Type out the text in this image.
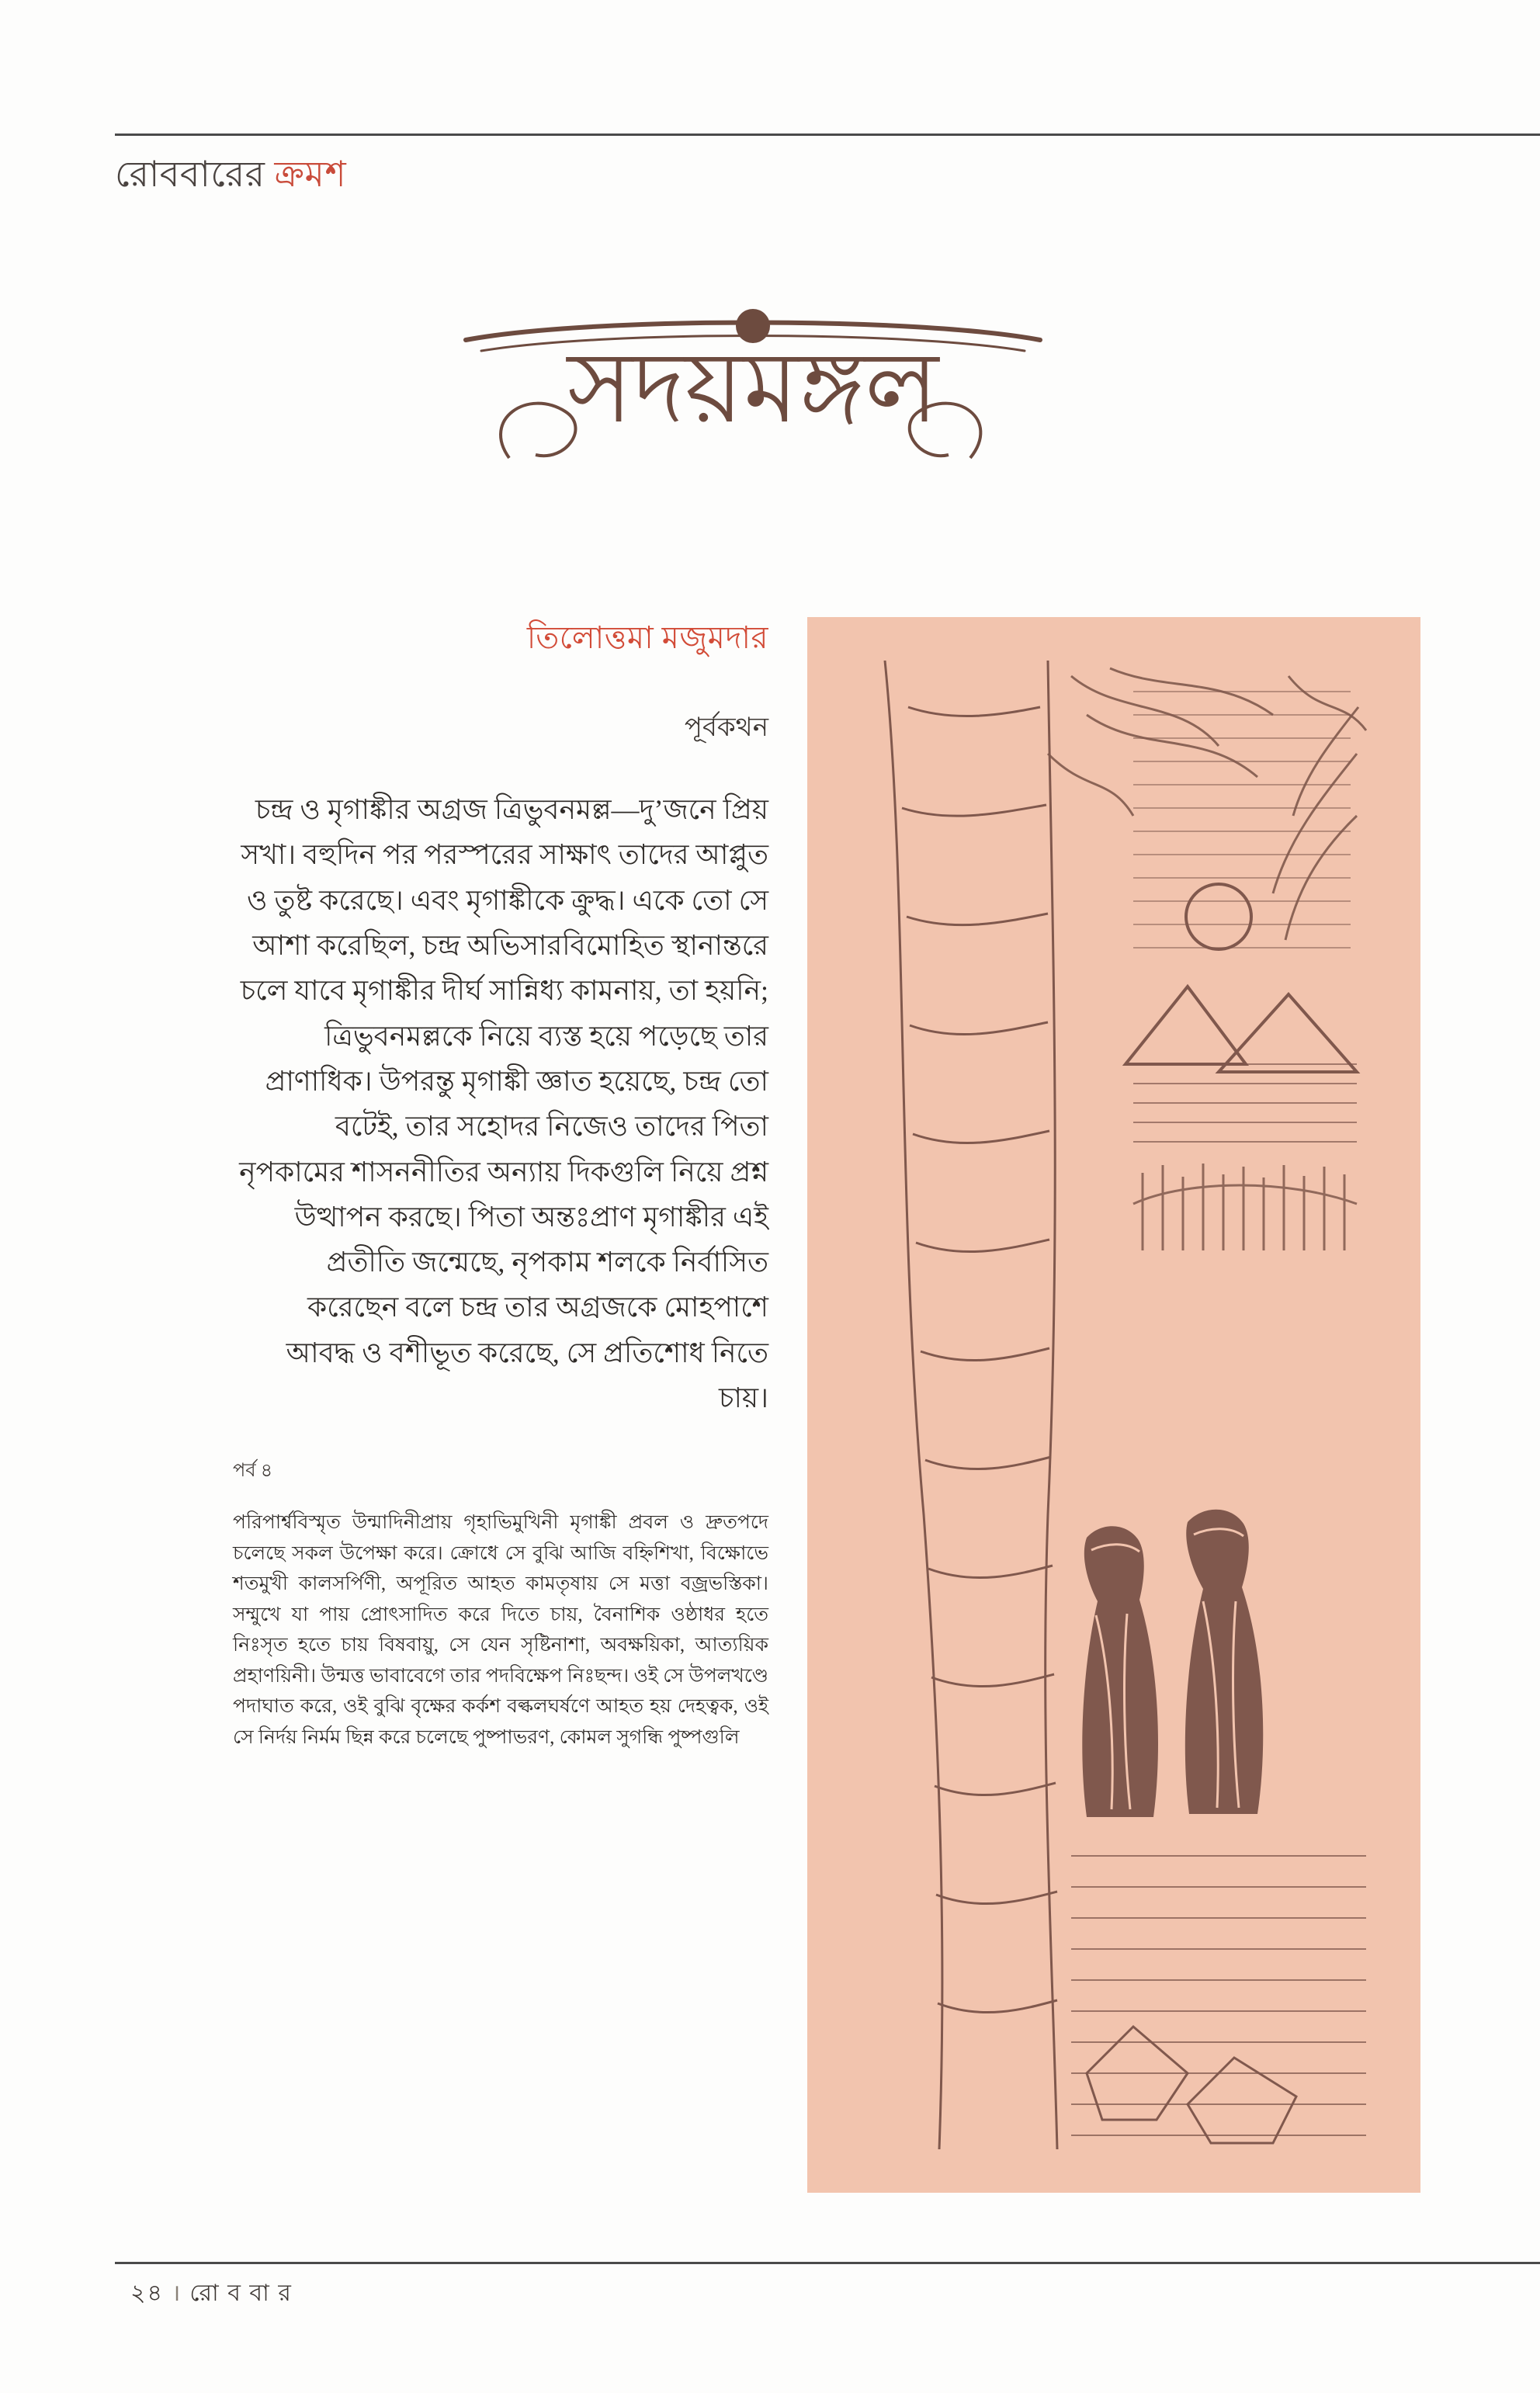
রোববারের ক্রমশ
সদয়মঙ্গল

তিলোত্তমা মজুমদার

পূর্বকথন

চন্দ্র ও মৃগাঙ্কীর অগ্রজ ত্রিভুবনমল্ল—দু’জনে প্রিয় সখা। বহুদিন পর পরস্পরের সাক্ষাৎ তাদের আপ্লুত ও তুষ্ট করেছে। এবং মৃগাঙ্কীকে ক্রুদ্ধ। একে তো সে আশা করেছিল, চন্দ্র অভিসারবিমোহিত স্থানান্তরে চলে যাবে মৃগাঙ্কীর দীর্ঘ সান্নিধ্য কামনায়, তা হয়নি; ত্রিভুবনমল্লকে নিয়ে ব্যস্ত হয়ে পড়েছে তার প্রাণাধিক। উপরন্তু মৃগাঙ্কী জ্ঞাত হয়েছে, চন্দ্র তো বটেই, তার সহোদর নিজেও তাদের পিতা নৃপকামের শাসননীতির অন্যায় দিকগুলি নিয়ে প্রশ্ন উত্থাপন করছে। পিতা অন্তঃপ্রাণ মৃগাঙ্কীর এই প্রতীতি জন্মেছে, নৃপকাম শলকে নির্বাসিত করেছেন বলে চন্দ্র তার অগ্রজকে মোহপাশে আবদ্ধ ও বশীভূত করেছে, সে প্রতিশোধ নিতে চায়।

পর্ব ৪

পরিপার্শ্ববিস্মৃত উন্মাদিনীপ্রায় গৃহাভিমুখিনী মৃগাঙ্কী প্রবল ও দ্রুতপদে চলেছে সকল উপেক্ষা করে। ক্রোধে সে বুঝি আজি বহ্নিশিখা, বিক্ষোভে শতমুখী কালসর্পিণী, অপূরিত আহত কামতৃষায় সে মত্তা বজ্রভস্তিকা। সম্মুখে যা পায় প্রোৎসাদিত করে দিতে চায়, বৈনাশিক ওষ্ঠাধর হতে নিঃসৃত হতে চায় বিষবায়ু, সে যেন সৃষ্টিনাশা, অবক্ষয়িকা, আত্যয়িক প্রহাণয়িনী। উন্মত্ত ভাবাবেগে তার পদবিক্ষেপ নিঃছন্দ। ওই সে উপলখণ্ডে পদাঘাত করে, ওই বুঝি বৃক্ষের কর্কশ বল্কলঘর্ষণে আহত হয় দেহত্বক, ওই সে নির্দয় নির্মম ছিন্ন করে চলেছে পুষ্পাভরণ, কোমল সুগন্ধি পুষ্পগুলি

২৪ । রো ব বা র
